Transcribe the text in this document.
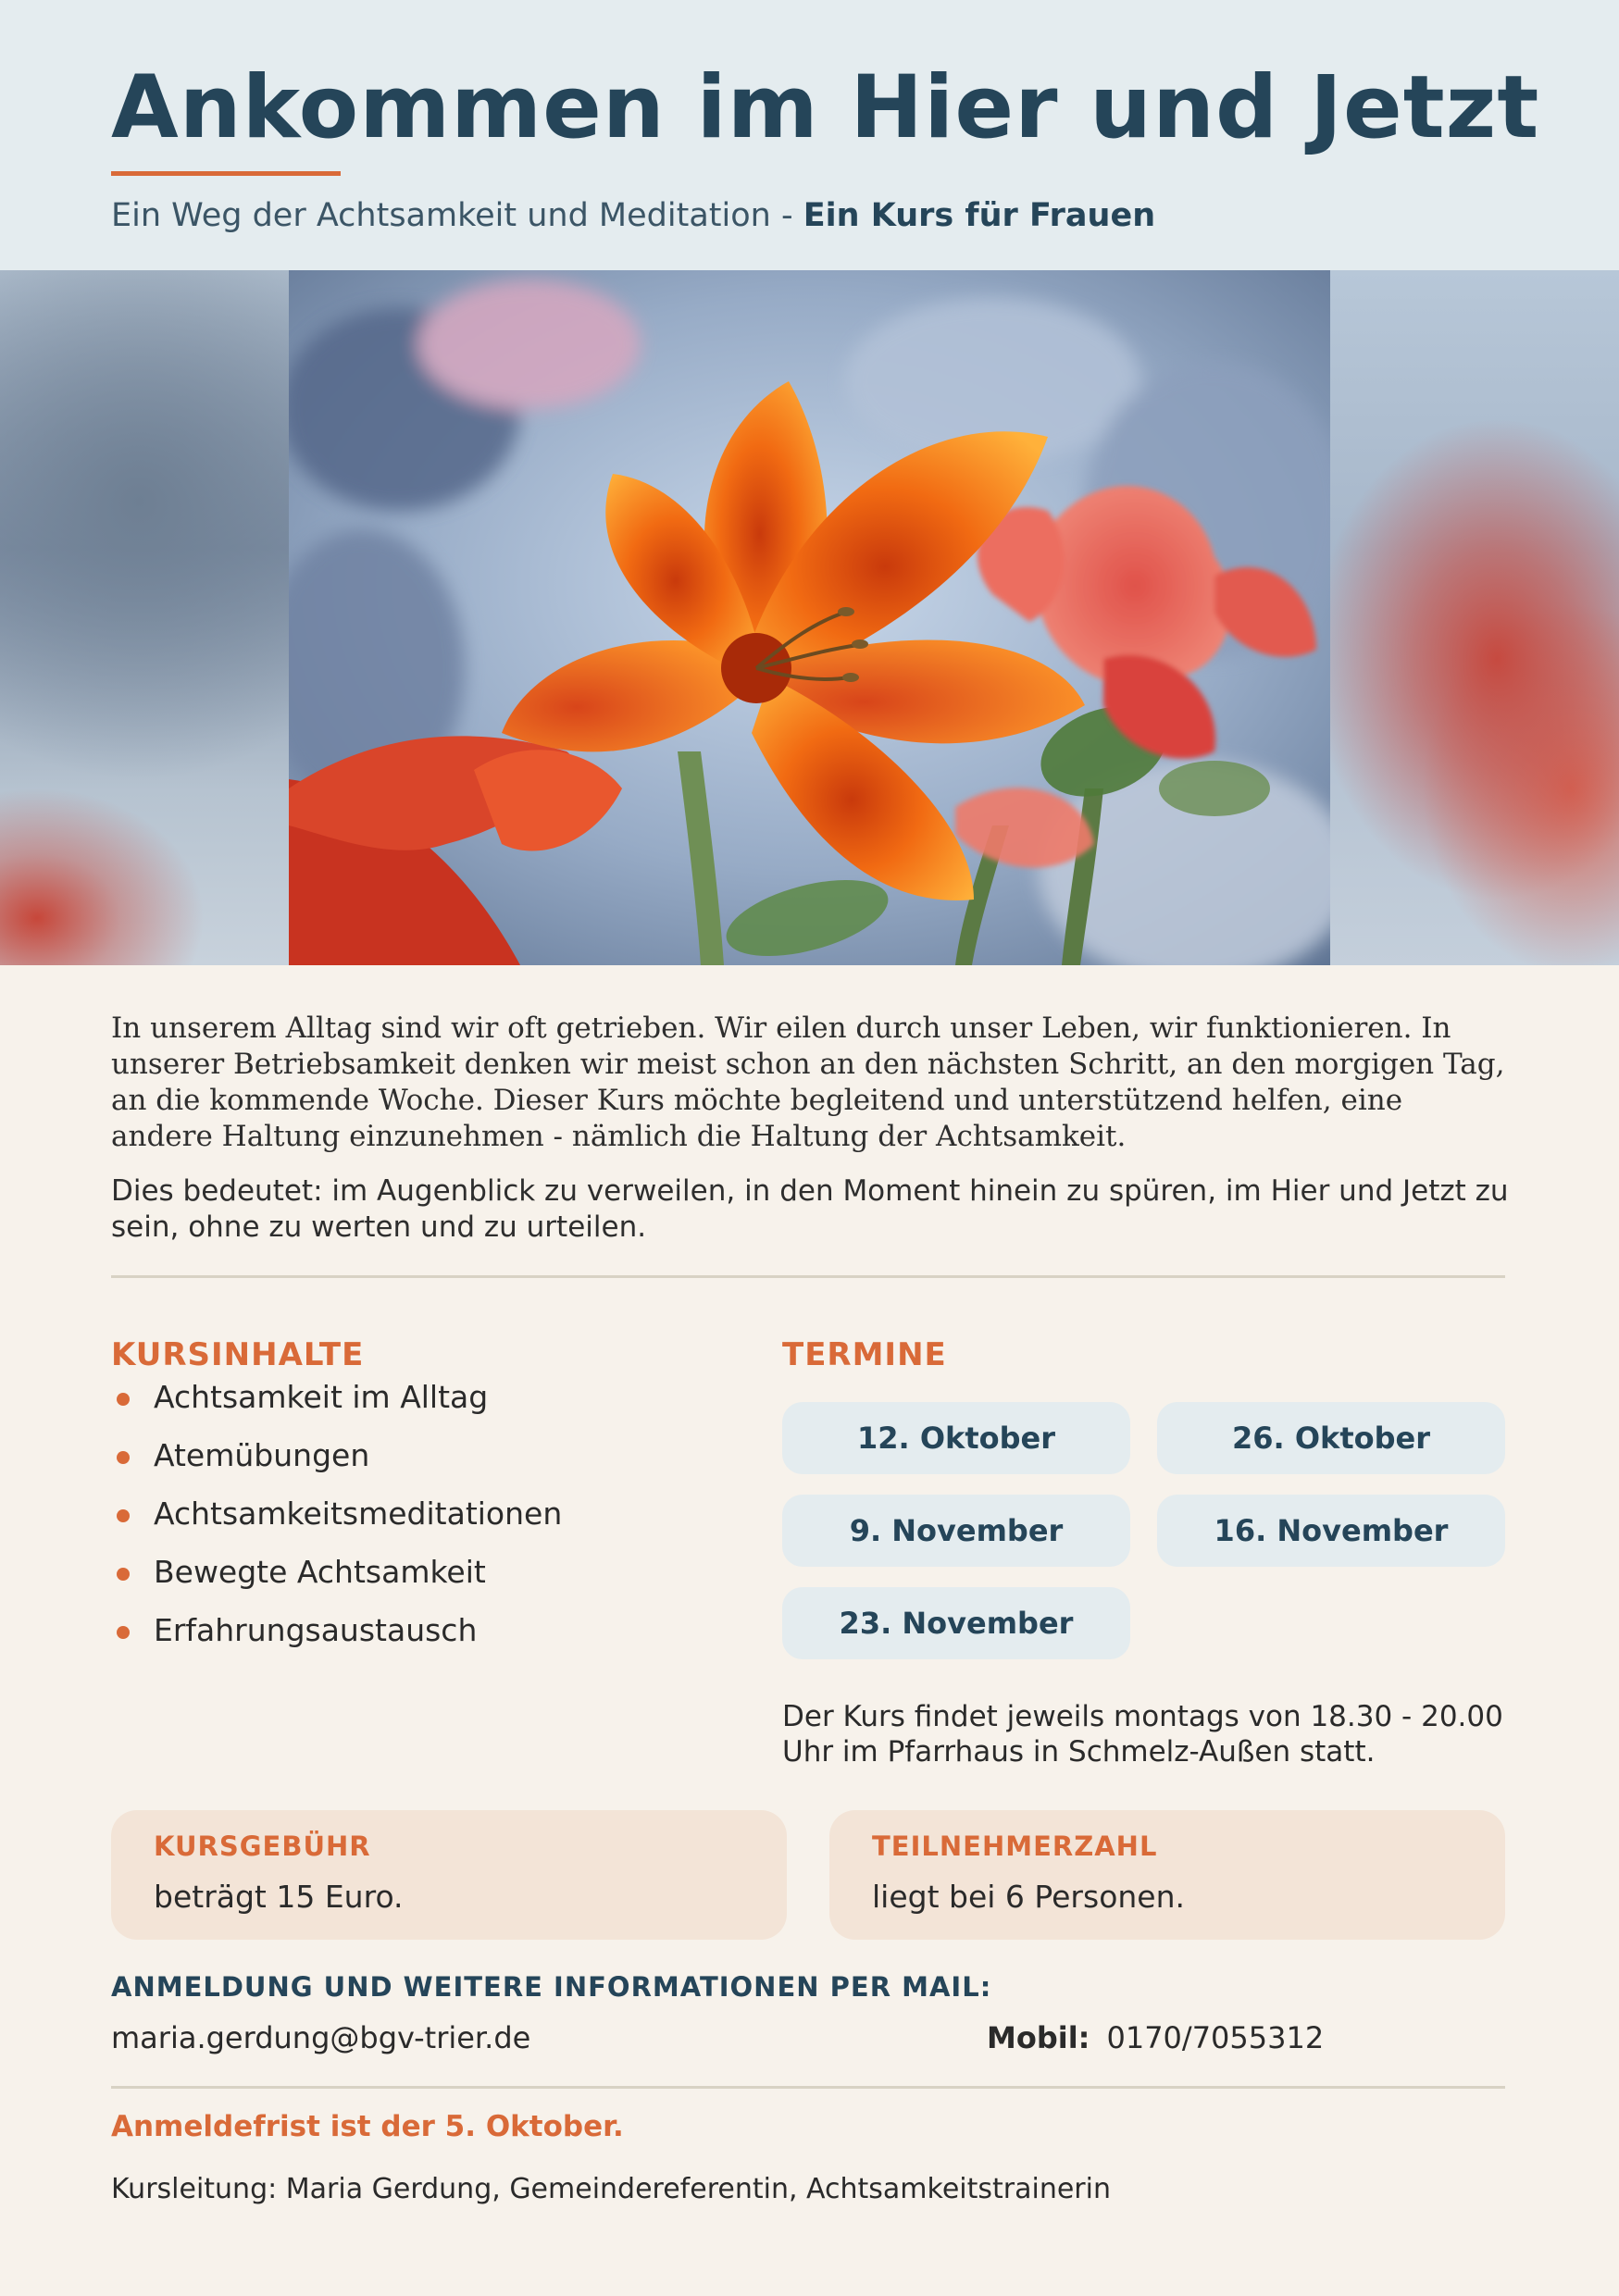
Ankommen im Hier und Jetzt
Ein Weg der Achtsamkeit und Meditation - Ein Kurs für Frauen

In unserem Alltag sind wir oft getrieben. Wir eilen durch unser Leben, wir funktionieren. In unserer Betriebsamkeit denken wir meist schon an den nächsten Schritt, an den morgigen Tag, an die kommende Woche. Dieser Kurs möchte begleitend und unterstützend helfen, eine andere Haltung einzunehmen - nämlich die Haltung der Achtsamkeit.

Dies bedeutet: im Augenblick zu verweilen, in den Moment hinein zu spüren, im Hier und Jetzt zu sein, ohne zu werten und zu urteilen.

KURSINHALTE
Achtsamkeit im Alltag
Atemübungen
Achtsamkeitsmeditationen
Bewegte Achtsamkeit
Erfahrungsaustausch
TERMINE
12. Oktober	26. Oktober
9. November	16. November
23. November
Der Kurs findet jeweils montags von 18.30 - 20.00 Uhr im Pfarrhaus in Schmelz-Außen statt.
KURSGEBÜHR
beträgt 15 Euro.
TEILNEHMERZAHL
liegt bei 6 Personen.
ANMELDUNG UND WEITERE INFORMATIONEN PER MAIL:
maria.gerdung@bgv-trier.de	Mobil: 0170/7055312
Anmeldefrist ist der 5. Oktober.
Kursleitung: Maria Gerdung, Gemeindereferentin, Achtsamkeitstrainerin
